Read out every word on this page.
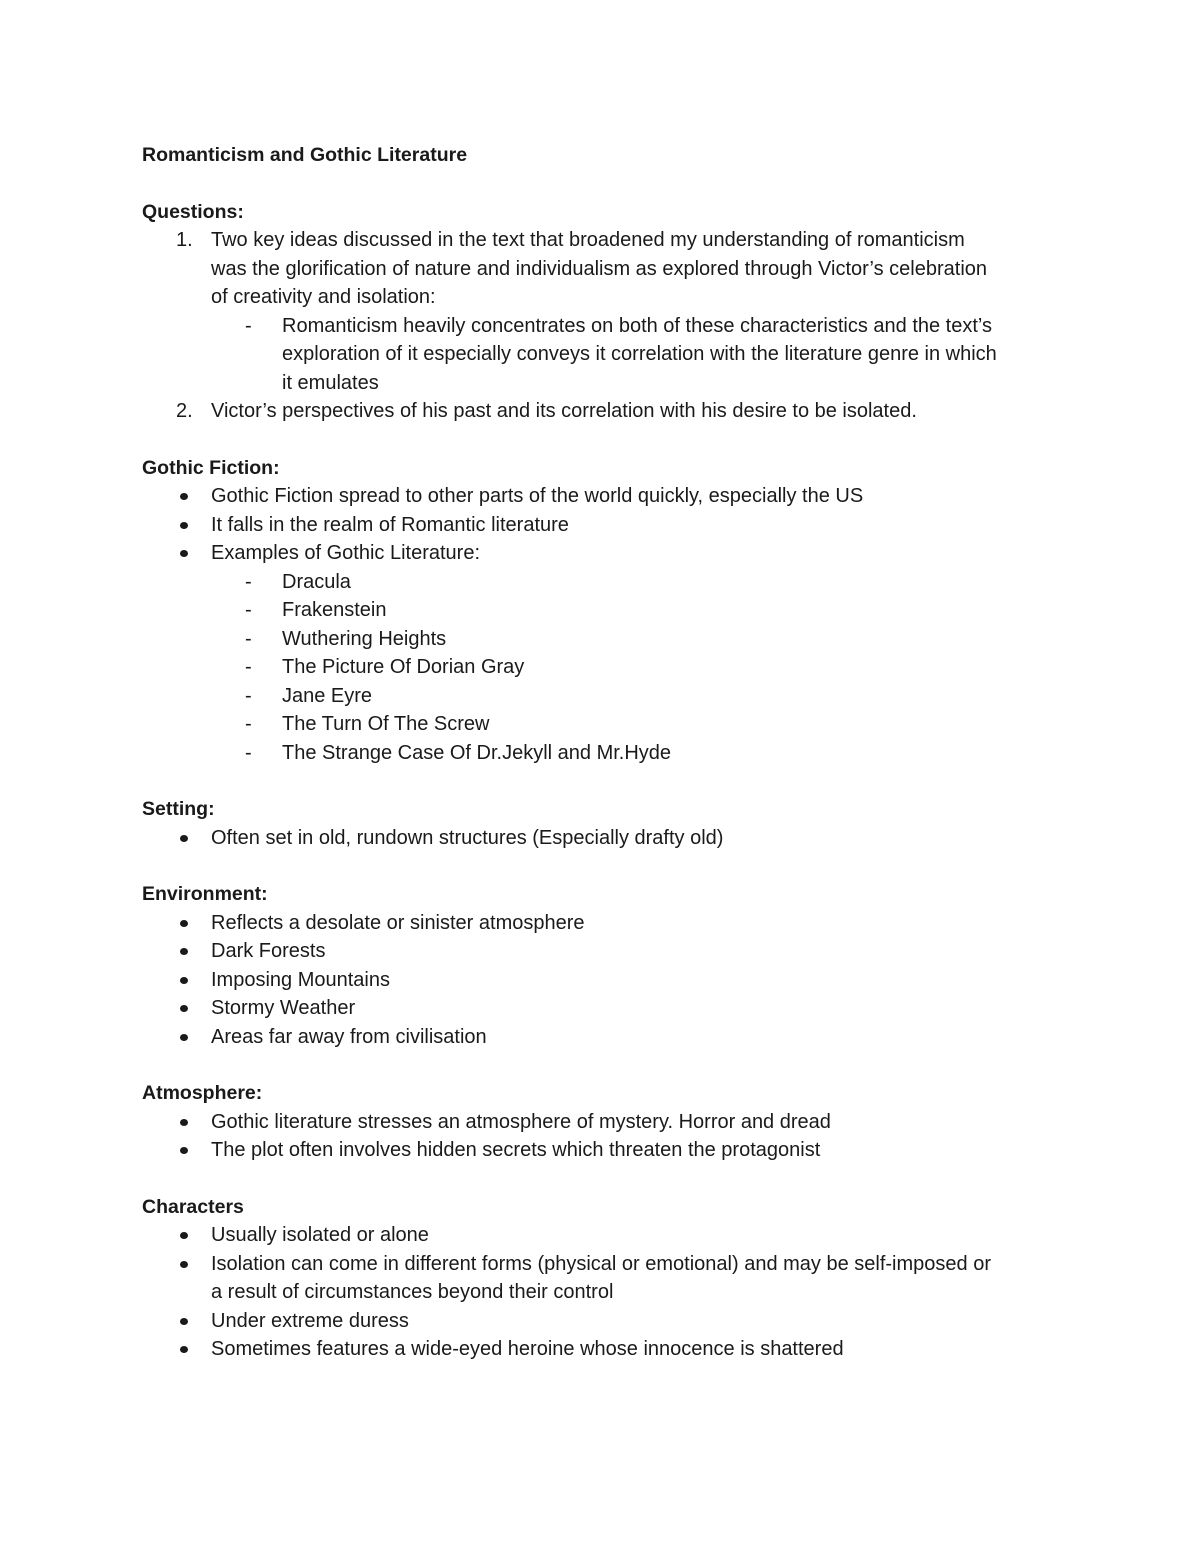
Romanticism and Gothic Literature
Questions:
1. Two key ideas discussed in the text that broadened my understanding of romanticism
was the glorification of nature and individualism as explored through Victor’s celebration
of creativity and isolation:
- Romanticism heavily concentrates on both of these characteristics and the text’s
exploration of it especially conveys it correlation with the literature genre in which
it emulates
2. Victor’s perspectives of his past and its correlation with his desire to be isolated.
Gothic Fiction:
Gothic Fiction spread to other parts of the world quickly, especially the US
It falls in the realm of Romantic literature
Examples of Gothic Literature:
- Dracula
- Frakenstein
- Wuthering Heights
- The Picture Of Dorian Gray
- Jane Eyre
- The Turn Of The Screw
- The Strange Case Of Dr.Jekyll and Mr.Hyde
Setting:
Often set in old, rundown structures (Especially drafty old)
Environment:
Reflects a desolate or sinister atmosphere
Dark Forests
Imposing Mountains
Stormy Weather
Areas far away from civilisation
Atmosphere:
Gothic literature stresses an atmosphere of mystery. Horror and dread
The plot often involves hidden secrets which threaten the protagonist
Characters
Usually isolated or alone
Isolation can come in different forms (physical or emotional) and may be self-imposed or
a result of circumstances beyond their control
Under extreme duress
Sometimes features a wide-eyed heroine whose innocence is shattered
